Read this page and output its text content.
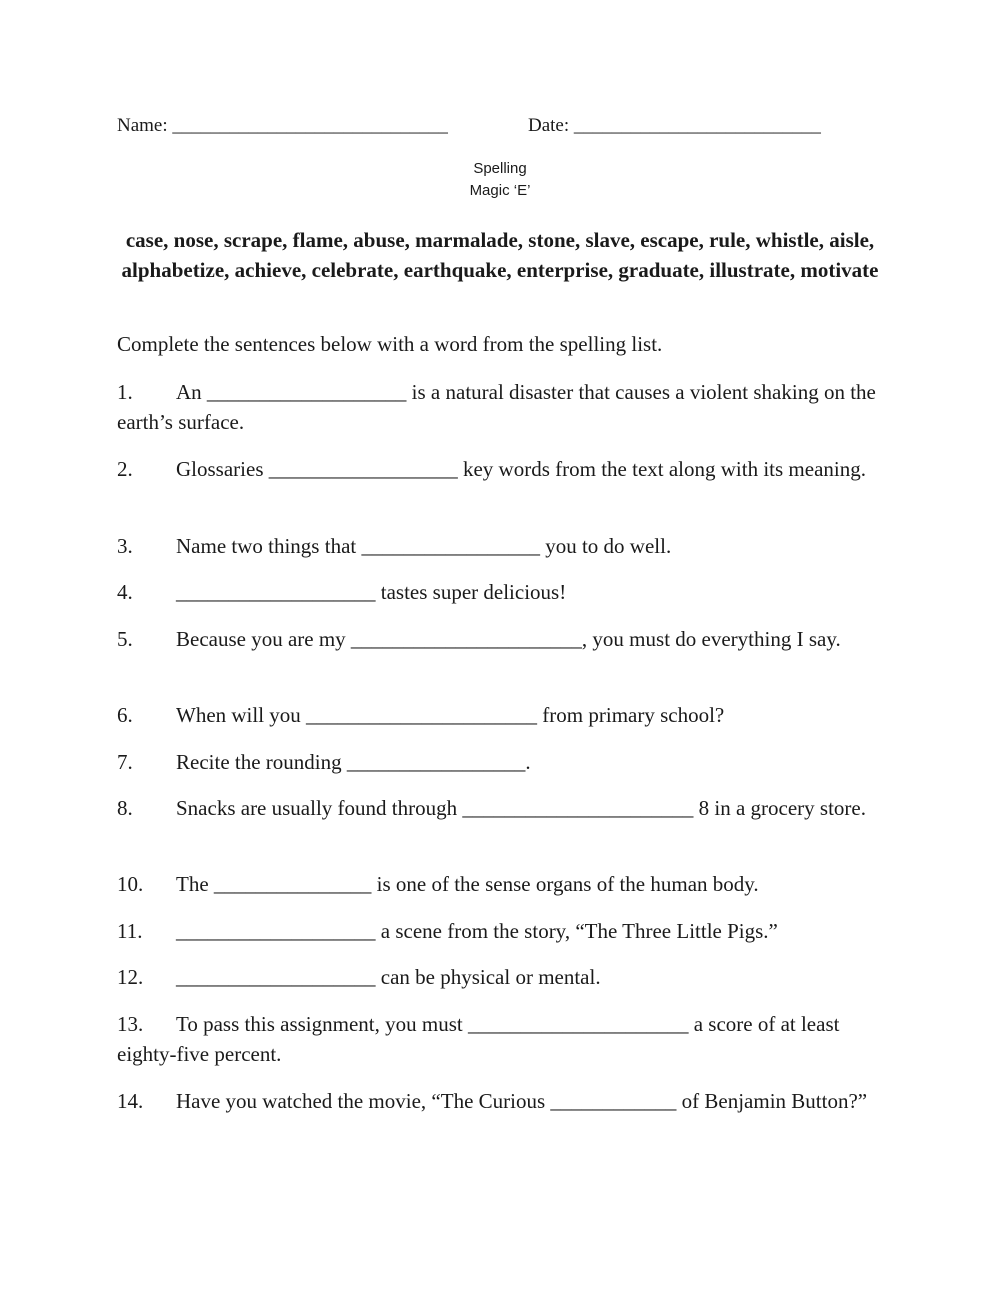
Name: _____________________________	Date: __________________________
Spelling
Magic ‘E’
case, nose, scrape, flame, abuse, marmalade, stone, slave, escape, rule, whistle, aisle, alphabetize, achieve, celebrate, earthquake, enterprise, graduate, illustrate, motivate
Complete the sentences below with a word from the spelling list.
1. An ___________________ is a natural disaster that causes a violent shaking on the earth’s surface.
2. Glossaries __________________ key words from the text along with its meaning.
3. Name two things that _________________ you to do well.
4. ___________________ tastes super delicious!
5. Because you are my ______________________, you must do everything I say.
6. When will you ______________________ from primary school?
7. Recite the rounding _________________.
8. Snacks are usually found through ______________________ 8 in a grocery store.
10. The _______________ is one of the sense organs of the human body.
11. ___________________ a scene from the story, “The Three Little Pigs.”
12. ___________________ can be physical or mental.
13. To pass this assignment, you must _____________________ a score of at least eighty-five percent.
14. Have you watched the movie, “The Curious ____________ of Benjamin Button?”
